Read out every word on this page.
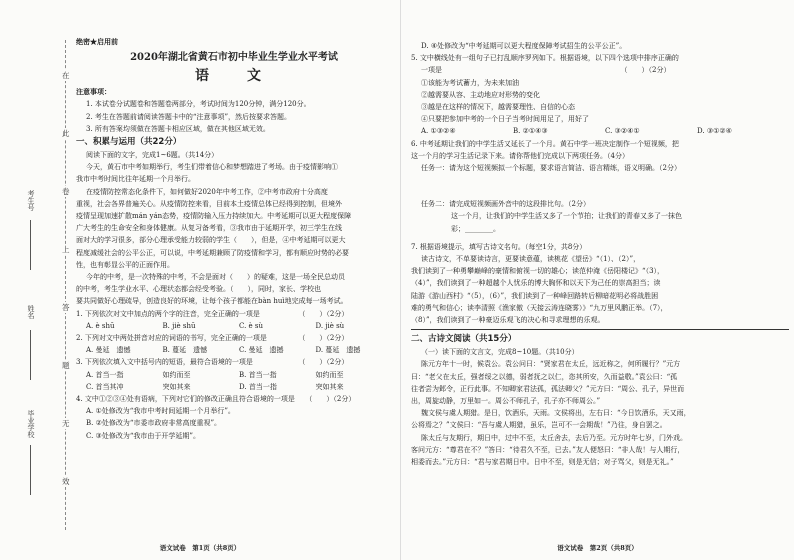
在
此
卷
上
答
题
无
效
考生号
姓名
毕业学校
绝密★启用前
2020年湖北省黄石市初中毕业生学业水平考试
语　文
注意事项：
1. 本试卷分试题卷和答题卷两部分，考试时间为120分钟，满分120分。
2. 考生在答题前请阅读答题卡中的“注意事项”，然后按要求答题。
3. 所有答案均须做在答题卡相应区域，做在其他区域无效。
一、积累与运用（共22分）
阅读下面的文字，完成1~6题。（共14分）
今天，黄石市中考如期举行，考生们带着信心和梦想踏进了考场。由于疫情影响①
我市中考时间比往年延期一个月举行。
在疫情防控常态化条件下，如何做好2020年中考工作，②中考市政府十分高度
重视，社会各界普遍关心。从疫情防控来看，目前本土疫情总体已经得到控制，但境外
疫情呈现加速扩散mán yán态势，疫情防输入压力持续加大。中考延期可以更大程度保障
广大考生的生命安全和身体健康。从复习备考看，③我市由于延期开学，初三学生在线
面对大的学习很多，部分心理承受能力较弱的学生（　　），但是，④中考延期可以更大
程度减缓社会的公平公正，可以说，中考延期兼顾了防疫情和学习，都有顺应时势的必要
性，也有彰显公平的正面作用。
今年的中考，是一次特殊的中考，不会是面对（　　）的疑难，这是一场全民总动员
的中考，考生学业水平、心理状态都会经受考验。（　　），同时，家长、学校也
要共同做好心理疏导，创造良好的环境，让每个孩子都能在bàn huì地完成每一场考试。
1. 下列依次对文中加点的两个字的注音，完全正确的一项是　　　　　　（　　）（2分）
A. è shū	B. jiè shū	C. è sù	D. jiè sù
2. 下列对文中两处拼音对应的词语的书写，完全正确的一项是　　　　　（　　）（2分）
A. 曼延　遗憾	B. 蔓延　遗憾	C. 曼延　遗撼	D. 蔓延　遗撼
3. 下列依次填入文中括号内的短语，最符合语境的一项是　　　　　　　（　　）（2分）
A. 首当一指	如约而至	B. 首当一指	如约而至
C. 首当其冲	突如其来	D. 首当一指	突如其来
4. 文中①②③④处有语病，下列对它们的修改正确且符合语境的一项是　　（　　）（2分）
A. ①处修改为“我市中考时间延期一个月举行”。
B. ②处修改为“市委市政府非常高度重视”。
C. ③处修改为“我市由于开学延期”。
语文试卷　第1页（共8页）
D. ④处修改为“中考延期可以更大程度保障考试招生的公平公正”。
5. 文中横线处有一组句子已打乱顺序罗列如下。根据语境，以下四个选项中排序正确的
一项是　　　　　　　　　　　　　　　　　　　　　　　　　　（　　）（2分）
①该能为考试蓄力，为未来加油
②越需要从容、主动地应对形势的变化
③越是在这样的情况下，越需要理性、自信的心态
④只要把参加中考的一个日子当考时间用足了，用好了
A. ①③②④	B. ②①④③	C. ③②④①	D. ③①②④
6. 中考延期让我们的中学生活又延长了一个月。黄石中学一班决定制作一个短视频，把
这一个月的学习生活记录下来。请你帮他们完成以下两项任务。（4分）
任务一：请为这个短视频拟一个标题，要求语言简洁、语言精练，语义明确。（2分）
任务二：请完成短视频画外音中的这段排比句。（2分）
这一个月，让我们的中学生活又多了一个节拍；让我们的青春又多了一抹色
彩；________。
7. 根据语境提示，填写古诗文名句。（每空1分，共8分）
读古诗文，不单要读诗言，更要读意蕴，读桃花《望岳》“（1）、（2）”，
我们读到了一种勇攀巅峰的豪情和俯视一切的雄心；读范仲淹《岳阳楼记》“（3），
（4）”，我们读到了一种超越个人忧乐的博大胸怀和以天下为己任的崇高担当；读
陆游《游山西村》“（5），（6）”，我们读到了一种峰回路转后柳暗花明必将战胜困
难的勇气和信心；读李清照《渔家傲（天接云涛连晓雾）》“九万里风鹏正举。（7），
（8）”，我们读到了一种豪迈乐观飞的决心和寻求理想的乐观。
二、古诗文阅读（共15分）
（一）读下面的文言文，完成8~10题。（共10分）
陈元方年十一时，候袁公。袁公问曰：“贤家君在太丘，远近称之，何所履行？”元方
曰：“老父在太丘，强者绥之以德，弱者抚之以仁，恣其所安，久而益敬。”袁公曰：“孤
往者尝为邺令，正行此事。不知卿家君法孤，孤法卿父？”元方曰：“周公、孔子，异世而
出，周旋动静，万里如一。周公不师孔子，孔子亦不师周公。”
魏文侯与虞人期猎。是日，饮酒乐，天雨。文侯将出，左右曰：“今日饮酒乐，天又雨，
公将焉之？”文侯曰：“吾与虞人期猎，虽乐，岂可不一会期哉！”乃往，身自罢之。
陈太丘与友期行，期日中，过中不至，太丘舍去，去后乃至。元方时年七岁，门外戏。
客问元方：“尊君在不？”答曰：“待君久不至，已去。”友人便怒曰：“非人哉！与人期行，
相委而去。”元方曰：“君与家君期日中。日中不至，则是无信；对子骂父，则是无礼。”
语文试卷　第2页（共8页）
